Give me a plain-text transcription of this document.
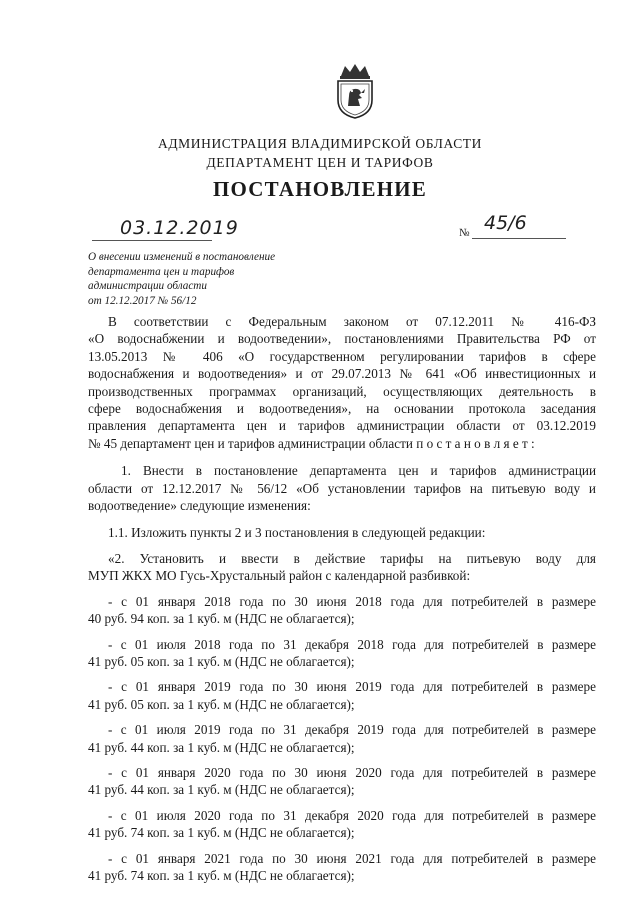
АДМИНИСТРАЦИЯ ВЛАДИМИРСКОЙ ОБЛАСТИ
ДЕПАРТАМЕНТ ЦЕН И ТАРИФОВ
ПОСТАНОВЛЕНИЕ
03.12.2019	№ 45/6
О внесении изменений в постановление
департамента цен и тарифов
администрации области
от 12.12.2017 № 56/12
В соответствии с Федеральным законом от 07.12.2011 № 416-ФЗ
«О водоснабжении и водоотведении», постановлениями Правительства РФ от
13.05.2013 № 406 «О государственном регулировании тарифов в сфере
водоснабжения и водоотведения» и от 29.07.2013 № 641 «Об инвестиционных и
производственных программах организаций, осуществляющих деятельность в
сфере водоснабжения и водоотведения», на основании протокола заседания
правления департамента цен и тарифов администрации области от 03.12.2019
№ 45 департамент цен и тарифов администрации области п о с т а н о в л я е т :
1. Внести в постановление департамента цен и тарифов администрации
области от 12.12.2017 № 56/12 «Об установлении тарифов на питьевую воду и
водоотведение» следующие изменения:
1.1. Изложить пункты 2 и 3 постановления в следующей редакции:
«2. Установить и ввести в действие тарифы на питьевую воду для
МУП ЖКХ МО Гусь-Хрустальный район с календарной разбивкой:
- с 01 января 2018 года по 30 июня 2018 года для потребителей в размере
40 руб. 94 коп. за 1 куб. м (НДС не облагается);
- с 01 июля 2018 года по 31 декабря 2018 года для потребителей в размере
41 руб. 05 коп. за 1 куб. м (НДС не облагается);
- с 01 января 2019 года по 30 июня 2019 года для потребителей в размере
41 руб. 05 коп. за 1 куб. м (НДС не облагается);
- с 01 июля 2019 года по 31 декабря 2019 года для потребителей в размере
41 руб. 44 коп. за 1 куб. м (НДС не облагается);
- с 01 января 2020 года по 30 июня 2020 года для потребителей в размере
41 руб. 44 коп. за 1 куб. м (НДС не облагается);
- с 01 июля 2020 года по 31 декабря 2020 года для потребителей в размере
41 руб. 74 коп. за 1 куб. м (НДС не облагается);
- с 01 января 2021 года по 30 июня 2021 года для потребителей в размере
41 руб. 74 коп. за 1 куб. м (НДС не облагается);
